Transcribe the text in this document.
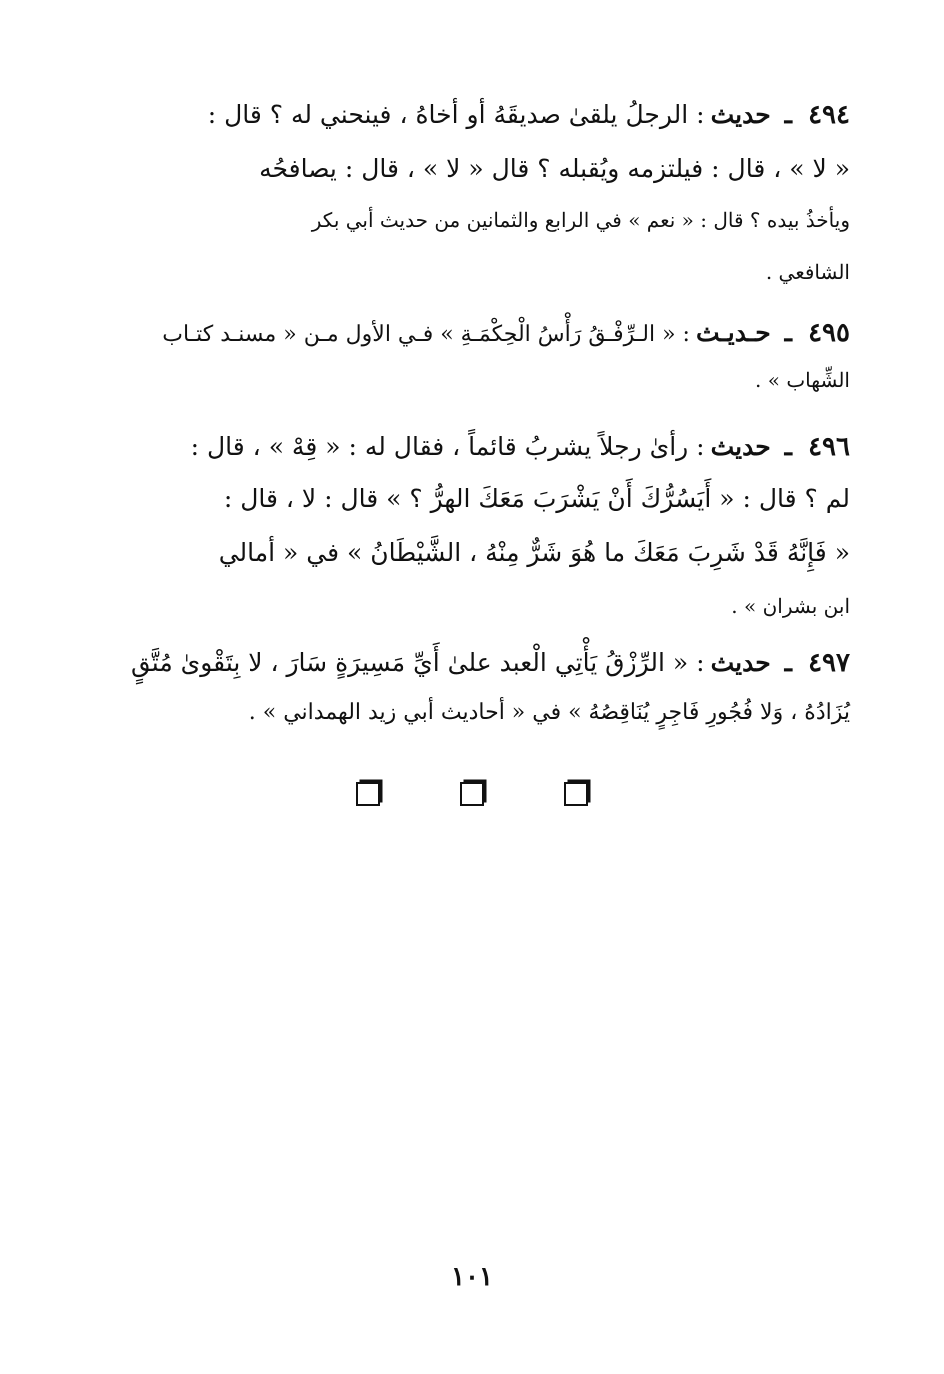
٤٩٤
ـ
حديث
: الرجلُ يلقىٰ صديقَهُ أو أخاهُ ، فينحني له ؟ قال :
« لا » ، قال : فيلتزمه ويُقبله ؟ قال « لا » ، قال : يصافحُه
ويأخذُ بيده ؟ قال : « نعم » في الرابع والثمانين من حديث أبي بكر
الشافعي .
٤٩٥
ـ
حـديـث
: « الـرِّفْـقُ رَأْسُ الْحِكْمَـةِ » فـي الأول مـن « مسنـد كتـاب
الشِّهاب » .
٤٩٦
ـ
حديث
: رأىٰ رجلاً يشربُ قائماً ، فقال له : « قِهْ » ، قال :
لم ؟ قال : « أَيَسُرُّكَ أَنْ يَشْرَبَ مَعَكَ الهرُّ ؟ » قال : لا ، قال :
« فَإِنَّهُ قَدْ شَرِبَ مَعَكَ ما هُوَ شَرٌّ مِنْهُ ، الشَّيْطَانُ » في « أمالي
ابن بشران » .
٤٩٧
ـ
حديث
: « الرِّزْقُ يَأْتِي الْعبد علىٰ أَيِّ مَسِيرَةٍ سَارَ ، لا بِتَقْوىٰ مُتَّقٍ
يُزَادُهُ ، وَلا فُجُورِ فَاجِرٍ يُنَاقِصُهُ » في « أحاديث أبي زيد الهمداني » .
١٠١
